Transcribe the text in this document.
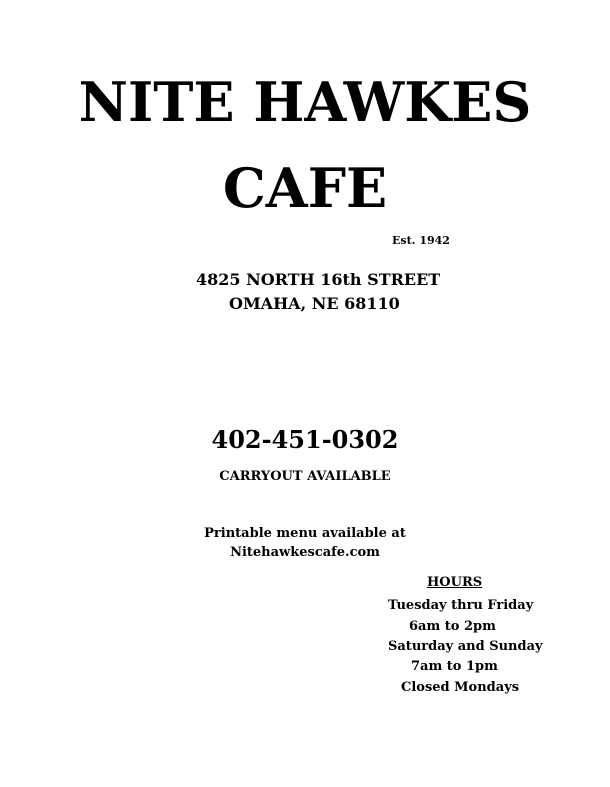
NITE HAWKES
CAFE
Est. 1942
4825 NORTH 16th STREET
OMAHA, NE 68110
402-451-0302
CARRYOUT AVAILABLE
Printable menu available at
Nitehawkescafe.com
HOURS
Tuesday thru Friday
6am to 2pm
Saturday and Sunday
7am to 1pm
Closed Mondays
